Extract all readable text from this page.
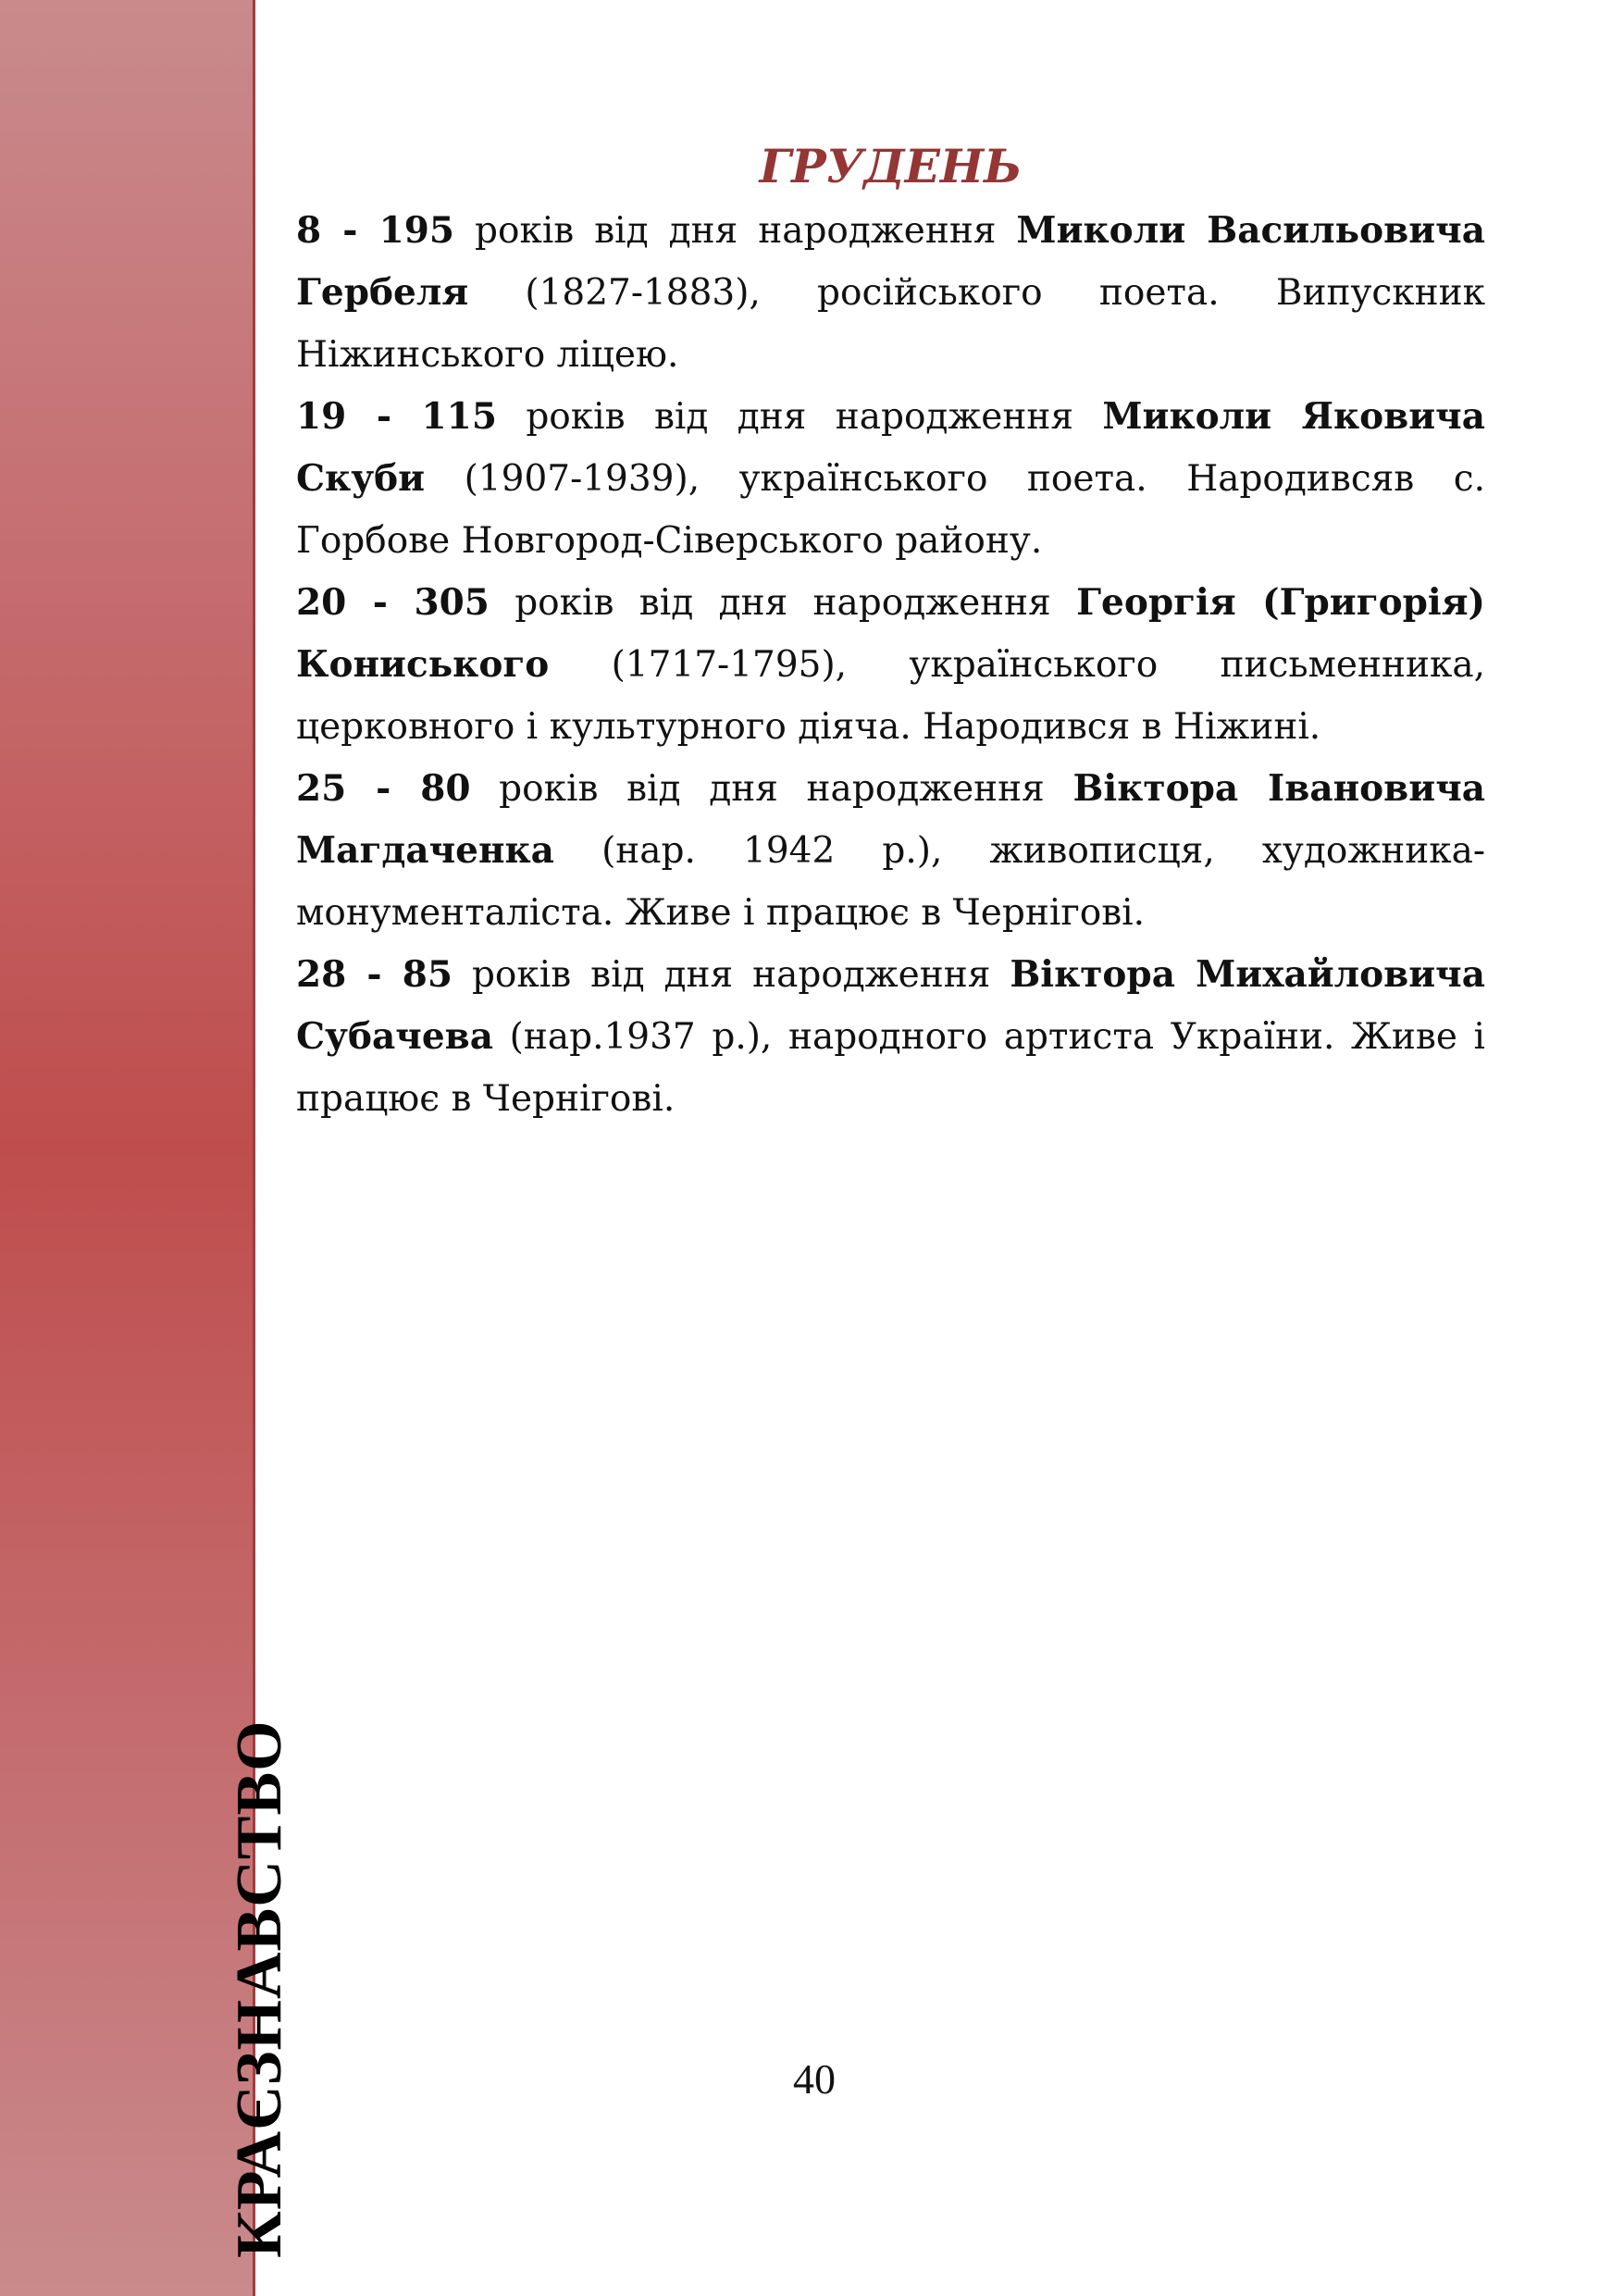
КРАЄЗНАВСТВО
ГРУДЕНЬ

8 - 195 років від дня народження Миколи Васильовича Гербеля (1827-1883), російського поета. Випускник Ніжинського ліцею.

19 - 115 років від дня народження Миколи Яковича Скуби (1907-1939), українського поета. Народивсяв с. Горбове Новгород-Сіверського району.

20 - 305 років від дня народження Георгія (Григорія) Кониського (1717-1795), українського письменника, церковного і культурного діяча. Народився в Ніжині.

25 - 80 років від дня народження Віктора Івановича Магдаченка (нар. 1942 р.), живописця, художника-монументаліста. Живе і працює в Чернігові.

28 - 85 років від дня народження Віктора Михайловича Субачева (нар.1937 р.), народного артиста України. Живе і працює в Чернігові.

40
